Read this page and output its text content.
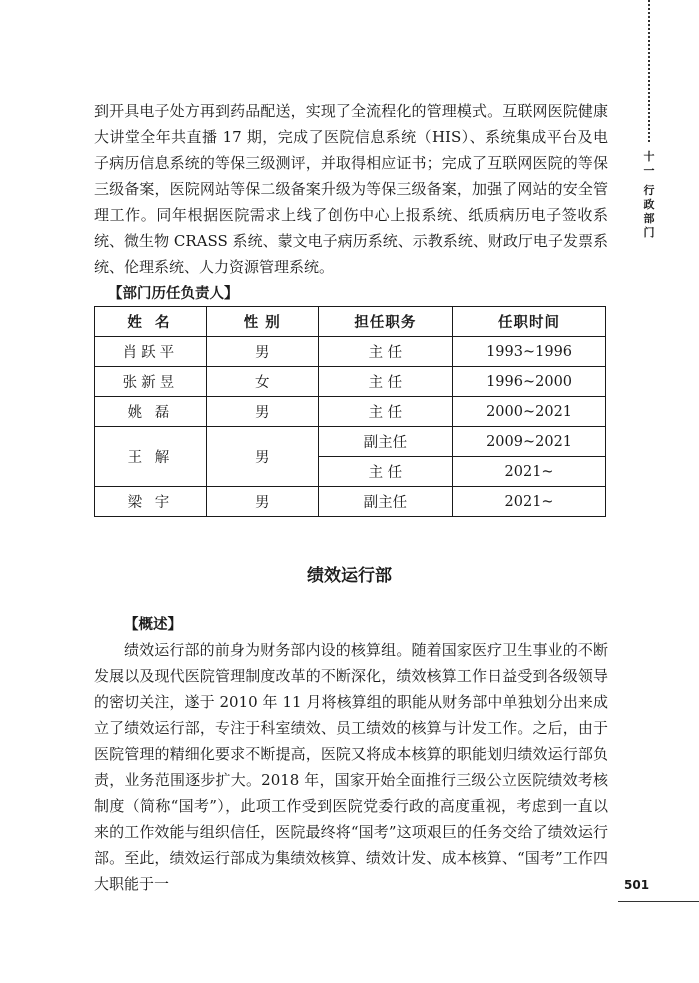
十
一
行
政
部
门

到开具电子处方再到药品配送，实现了全流程化的管理模式。互联网医院健康大讲堂全年共直播 17 期，完成了医院信息系统（HIS）、系统集成平台及电子病历信息系统的等保三级测评，并取得相应证书；完成了互联网医院的等保三级备案，医院网站等保二级备案升级为等保三级备案，加强了网站的安全管理工作。同年根据医院需求上线了创伤中心上报系统、纸质病历电子签收系统、微生物 CRASS 系统、蒙文电子病历系统、示教系统、财政厅电子发票系统、伦理系统、人力资源管理系统。

【部门历任负责人】
姓 名	性 别	担任职务	任职时间
肖跃平	男	主 任	1993~1996
张新昱	女	主 任	1996~2000
姚 磊	男	主 任	2000~2021
王 解	男	副主任	2009~2021
		主 任	2021~
梁 宇	男	副主任	2021~
绩效运行部
【概述】

绩效运行部的前身为财务部内设的核算组。随着国家医疗卫生事业的不断发展以及现代医院管理制度改革的不断深化，绩效核算工作日益受到各级领导的密切关注，遂于 2010 年 11 月将核算组的职能从财务部中单独划分出来成立了绩效运行部，专注于科室绩效、员工绩效的核算与计发工作。之后，由于医院管理的精细化要求不断提高，医院又将成本核算的职能划归绩效运行部负责，业务范围逐步扩大。2018 年，国家开始全面推行三级公立医院绩效考核制度（简称“国考”），此项工作受到医院党委行政的高度重视，考虑到一直以来的工作效能与组织信任，医院最终将“国考”这项艰巨的任务交给了绩效运行部。至此，绩效运行部成为集绩效核算、绩效计发、成本核算、“国考”工作四大职能于一	501
